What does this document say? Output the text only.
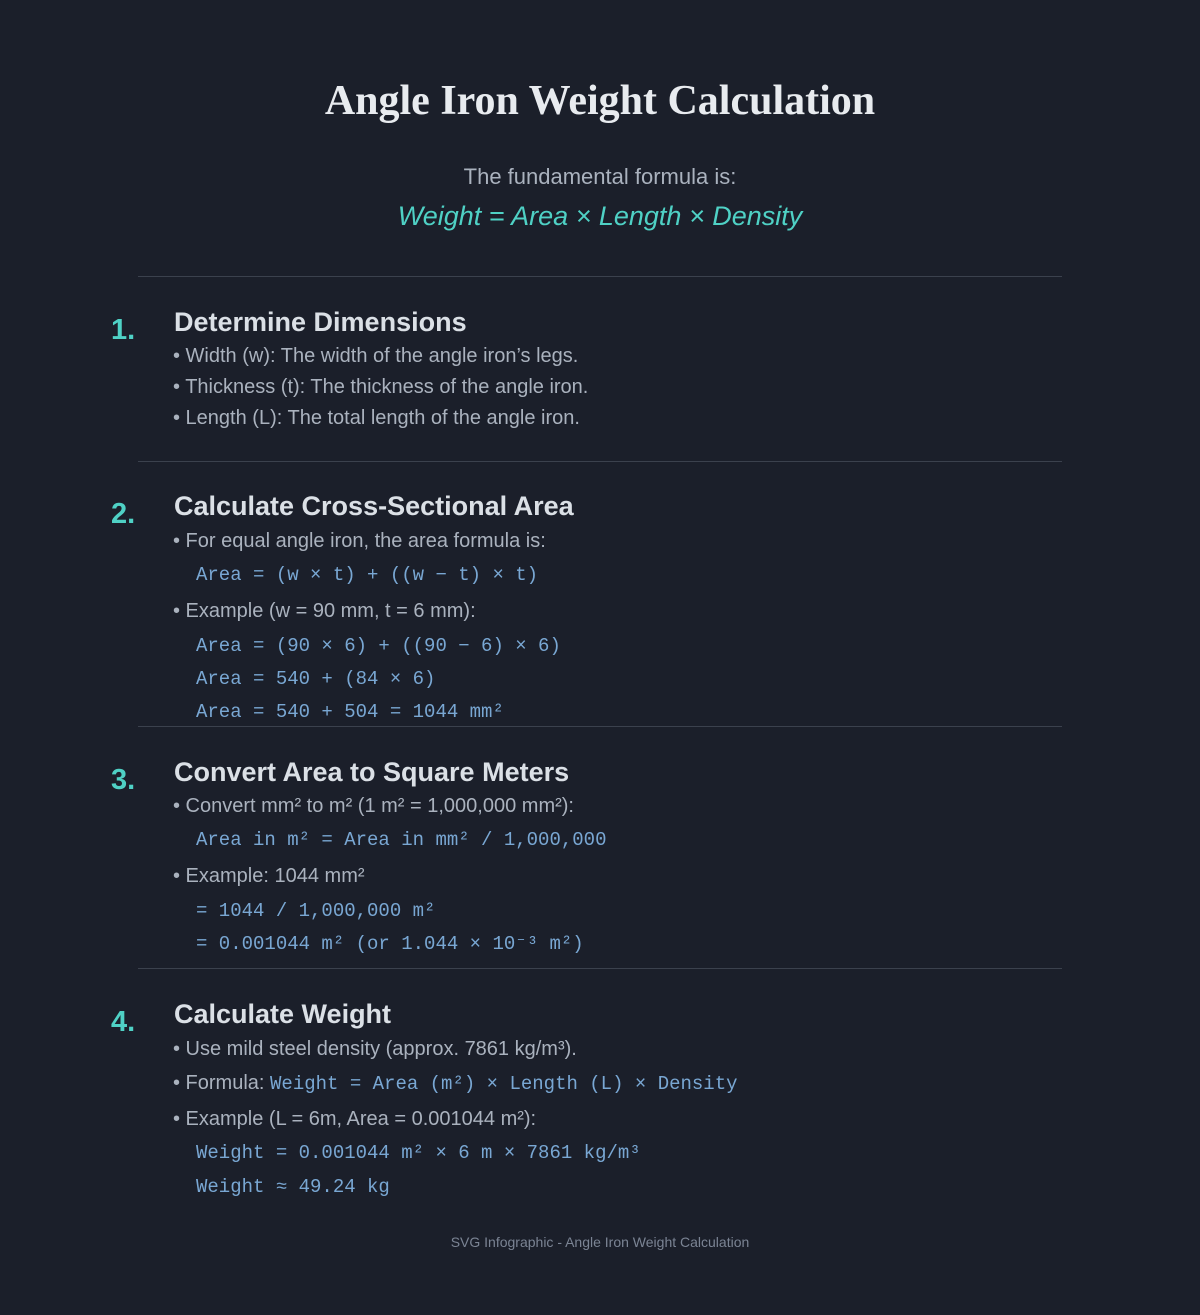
Angle Iron Weight Calculation
The fundamental formula is:
Weight = Area × Length × Density
1. Determine Dimensions
• Width (w): The width of the angle iron’s legs.
• Thickness (t): The thickness of the angle iron.
• Length (L): The total length of the angle iron.
2. Calculate Cross-Sectional Area
• For equal angle iron, the area formula is:
Area = (w × t) + ((w − t) × t)
• Example (w = 90 mm, t = 6 mm):
Area = (90 × 6) + ((90 − 6) × 6)
Area = 540 + (84 × 6)
Area = 540 + 504 = 1044 mm²
3. Convert Area to Square Meters
• Convert mm² to m² (1 m² = 1,000,000 mm²):
Area in m² = Area in mm² / 1,000,000
• Example: 1044 mm²
= 1044 / 1,000,000 m²
= 0.001044 m² (or 1.044 × 10⁻³ m²)
4. Calculate Weight
• Use mild steel density (approx. 7861 kg/m³).
• Formula: Weight = Area (m²) × Length (L) × Density
• Example (L = 6m, Area = 0.001044 m²):
Weight = 0.001044 m² × 6 m × 7861 kg/m³
Weight ≈ 49.24 kg
SVG Infographic - Angle Iron Weight Calculation
